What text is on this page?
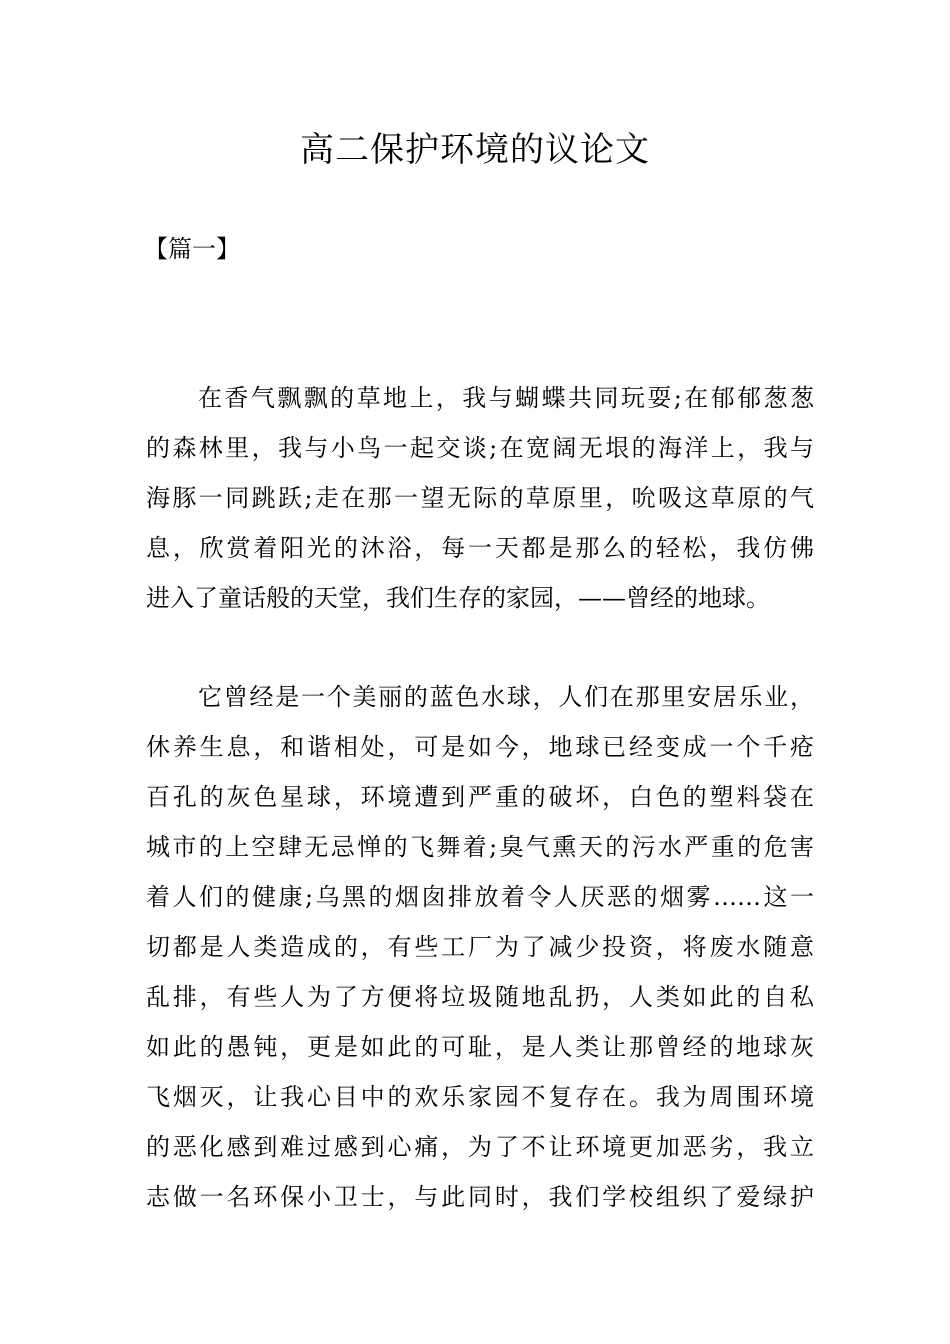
高二保护环境的议论文
【篇一】
在香气飘飘的草地上，我与蝴蝶共同玩耍;在郁郁葱葱
的森林里，我与小鸟一起交谈;在宽阔无垠的海洋上，我与
海豚一同跳跃;走在那一望无际的草原里，吮吸这草原的气
息，欣赏着阳光的沐浴，每一天都是那么的轻松，我仿佛
进入了童话般的天堂，我们生存的家园，——曾经的地球。
它曾经是一个美丽的蓝色水球，人们在那里安居乐业，
休养生息，和谐相处，可是如今，地球已经变成一个千疮
百孔的灰色星球，环境遭到严重的破坏，白色的塑料袋在
城市的上空肆无忌惮的飞舞着;臭气熏天的污水严重的危害
着人们的健康;乌黑的烟囱排放着令人厌恶的烟雾……这一
切都是人类造成的，有些工厂为了减少投资，将废水随意
乱排，有些人为了方便将垃圾随地乱扔，人类如此的自私
如此的愚钝，更是如此的可耻，是人类让那曾经的地球灰
飞烟灭，让我心目中的欢乐家园不复存在。我为周围环境
的恶化感到难过感到心痛，为了不让环境更加恶劣，我立
志做一名环保小卫士，与此同时，我们学校组织了爱绿护
